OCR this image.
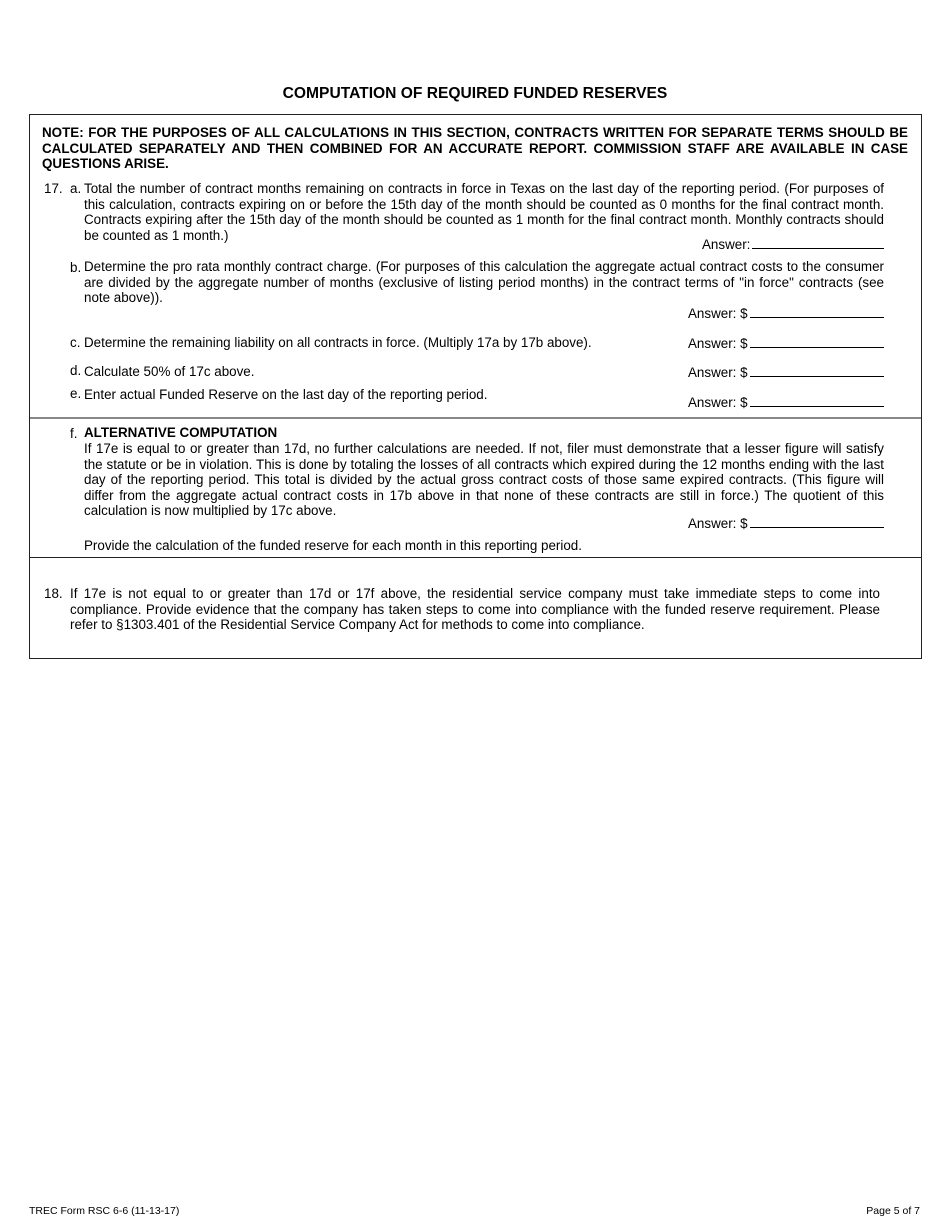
COMPUTATION OF REQUIRED FUNDED RESERVES
NOTE: FOR THE PURPOSES OF ALL CALCULATIONS IN THIS SECTION, CONTRACTS WRITTEN FOR SEPARATE TERMS SHOULD BE CALCULATED SEPARATELY AND THEN COMBINED FOR AN ACCURATE REPORT. COMMISSION STAFF ARE AVAILABLE IN CASE QUESTIONS ARISE.
17. a. Total the number of contract months remaining on contracts in force in Texas on the last day of the reporting period. (For purposes of this calculation, contracts expiring on or before the 15th day of the month should be counted as 0 months for the final contract month. Contracts expiring after the 15th day of the month should be counted as 1 month for the final contract month. Monthly contracts should be counted as 1 month.)
Answer:
b. Determine the pro rata monthly contract charge. (For purposes of this calculation the aggregate actual contract costs to the consumer are divided by the aggregate number of months (exclusive of listing period months) in the contract terms of "in force" contracts (see note above)).
Answer: $
c. Determine the remaining liability on all contracts in force. (Multiply 17a by 17b above).	Answer: $
d. Calculate 50% of 17c above.	Answer: $
e. Enter actual Funded Reserve on the last day of the reporting period.
Answer: $
f. ALTERNATIVE COMPUTATION
If 17e is equal to or greater than 17d, no further calculations are needed. If not, filer must demonstrate that a lesser figure will satisfy the statute or be in violation. This is done by totaling the losses of all contracts which expired during the 12 months ending with the last day of the reporting period. This total is divided by the actual gross contract costs of those same expired contracts. (This figure will differ from the aggregate actual contract costs in 17b above in that none of these contracts are still in force.) The quotient of this calculation is now multiplied by 17c above.
Answer: $
Provide the calculation of the funded reserve for each month in this reporting period.
18. If 17e is not equal to or greater than 17d or 17f above, the residential service company must take immediate steps to come into compliance. Provide evidence that the company has taken steps to come into compliance with the funded reserve requirement. Please refer to §1303.401 of the Residential Service Company Act for methods to come into compliance.
TREC Form RSC 6-6 (11-13-17)	Page 5 of 7
